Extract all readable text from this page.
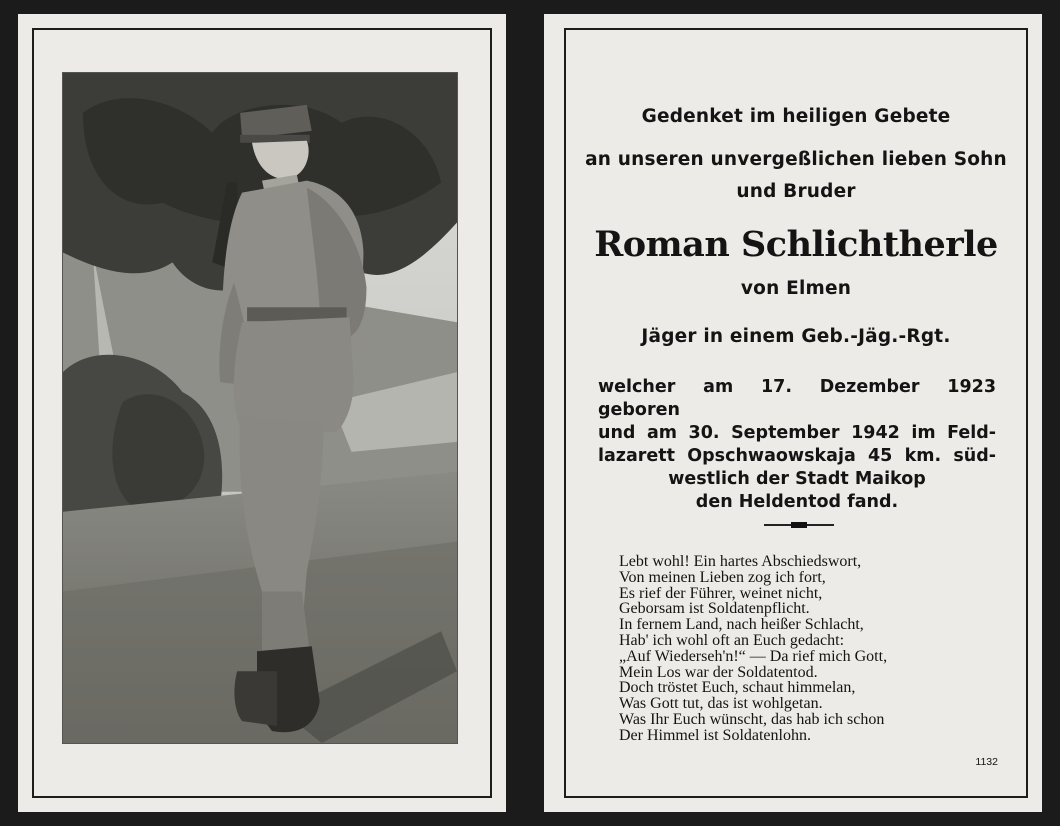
Gedenket im heiligen Gebete
an unseren unvergeßlichen lieben Sohn
und Bruder
Roman Schlichtherle
von Elmen
Jäger in einem Geb.-Jäg.-Rgt.
welcher am 17. Dezember 1923 geboren
und am 30. September 1942 im Feld-
lazarett Opschwaowskaja 45 km. süd-
westlich der Stadt Maikop
den Heldentod fand.
Lebt wohl! Ein hartes Abschiedswort,
Von meinen Lieben zog ich fort,
Es rief der Führer, weinet nicht,
Geborsam ist Soldatenpflicht.
In fernem Land, nach heißer Schlacht,
Hab' ich wohl oft an Euch gedacht:
„Auf Wiederseh'n!“ — Da rief mich Gott,
Mein Los war der Soldatentod.
Doch tröstet Euch, schaut himmelan,
Was Gott tut, das ist wohlgetan.
Was Ihr Euch wünscht, das hab ich schon
Der Himmel ist Soldatenlohn.
1132
